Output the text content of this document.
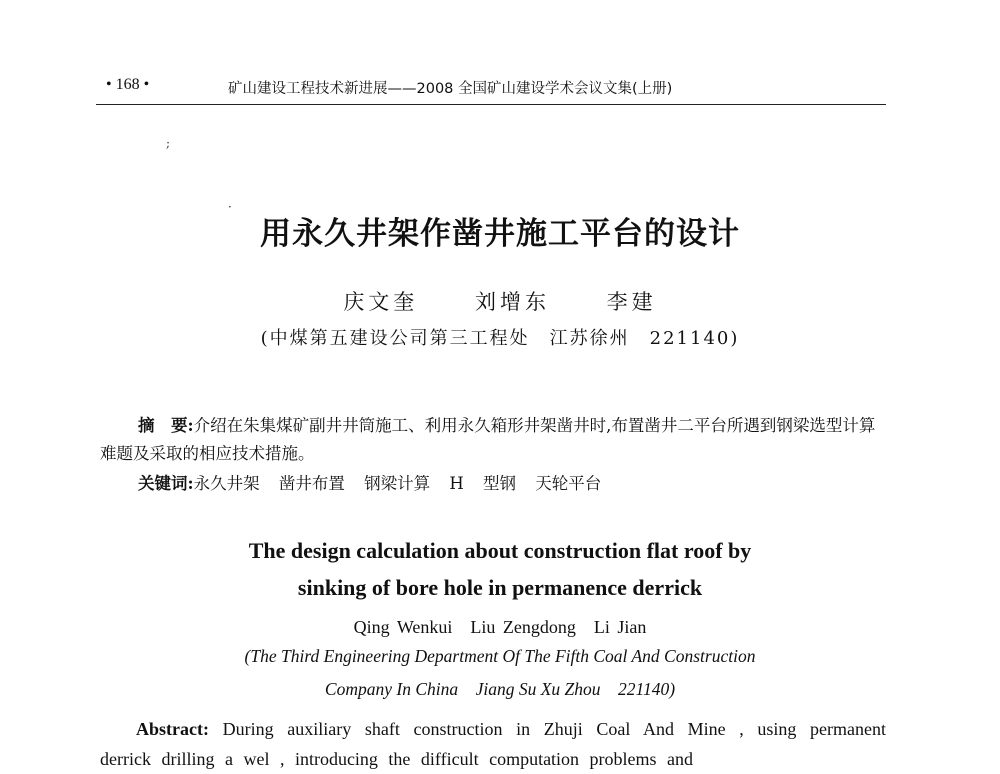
• 168 •	矿山建设工程技术新进展——2008 全国矿山建设学术会议文集(上册)
;
·
用永久井架作凿井施工平台的设计
庆文奎 刘增东 李建
(中煤第五建设公司第三工程处　江苏徐州　221140)
摘　要:介绍在朱集煤矿副井井筒施工、利用永久箱形井架凿井时,布置凿井二平台所遇到钢梁选型计算难题及采取的相应技术措施。
关键词:永久井架 凿井布置 钢梁计算 H 型钢 天轮平台
The design calculation about construction flat roof by
sinking of bore hole in permanence derrick
Qing Wenkui　Liu Zengdong　Li Jian
(The Third Engineering Department Of The Fifth Coal And Construction
Company In China　Jiang Su Xu Zhou　221140)
Abstract: During auxiliary shaft construction in Zhuji Coal And Mine , using permanent derrick drilling a wel , introducing the difficult computation problems and
